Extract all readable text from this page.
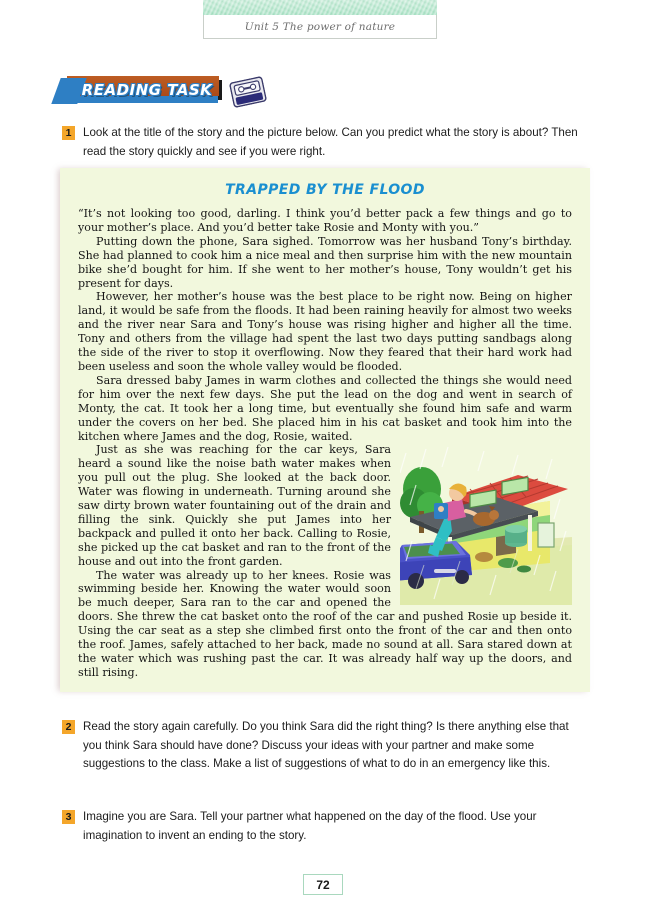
Unit 5 The power of nature
READING TASK
1 Look at the title of the story and the picture below. Can you predict what the story is about? Then read the story quickly and see if you were right.
TRAPPED BY THE FLOOD

“It’s not looking too good, darling. I think you’d better pack a few things and go to your mother’s place. And you’d better take Rosie and Monty with you.”

Putting down the phone, Sara sighed. Tomorrow was her husband Tony’s birthday. She had planned to cook him a nice meal and then surprise him with the new mountain bike she’d bought for him. If she went to her mother’s house, Tony wouldn’t get his present for days.

However, her mother’s house was the best place to be right now. Being on higher land, it would be safe from the floods. It had been raining heavily for almost two weeks and the river near Sara and Tony’s house was rising higher and higher all the time. Tony and others from the village had spent the last two days putting sandbags along the side of the river to stop it overflowing. Now they feared that their hard work had been useless and soon the whole valley would be flooded.

Sara dressed baby James in warm clothes and collected the things she would need for him over the next few days. She put the lead on the dog and went in search of Monty, the cat. It took her a long time, but eventually she found him safe and warm under the covers on her bed. She placed him in his cat basket and took him into the kitchen where James and the dog, Rosie, waited.

Just as she was reaching for the car keys, Sara heard a sound like the noise bath water makes when you pull out the plug. She looked at the back door. Water was flowing in underneath. Turning around she saw dirty brown water fountaining out of the drain and filling the sink. Quickly she put James into her backpack and pulled it onto her back. Calling to Rosie, she picked up the cat basket and ran to the front of the house and out into the front garden.

The water was already up to her knees. Rosie was swimming beside her. Knowing the water would soon be much deeper, Sara ran to the car and opened the doors. She threw the cat basket onto the roof of the car and pushed Rosie up beside it. Using the car seat as a step she climbed first onto the front of the car and then onto the roof. James, safely attached to her back, made no sound at all. Sara stared down at the water which was rushing past the car. It was already half way up the doors, and still rising.

2 Read the story again carefully. Do you think Sara did the right thing? Is there anything else that you think Sara should have done? Discuss your ideas with your partner and make some suggestions to the class. Make a list of suggestions of what to do in an emergency like this.
3 Imagine you are Sara. Tell your partner what happened on the day of the flood. Use your imagination to invent an ending to the story.
72
